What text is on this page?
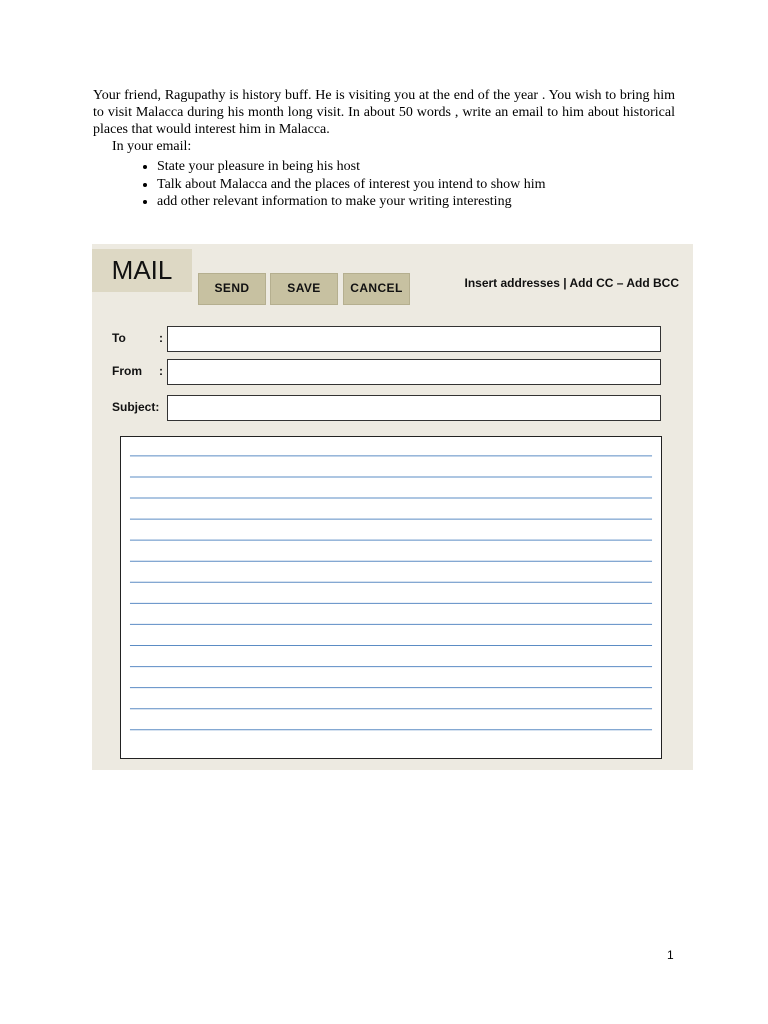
Your friend, Ragupathy is history buff. He is visiting you at the end of the year . You wish to bring him to visit Malacca during his month long visit. In about 50 words , write an email to him about historical places that would interest him in Malacca.

In your email:

• State your pleasure in being his host
• Talk about Malacca and the places of interest you intend to show him
• add other relevant information to make your writing interesting
MAIL
SEND	SAVE	CANCEL	Insert addresses | Add CC – Add BCC
To	:
From :
Subject:
1
